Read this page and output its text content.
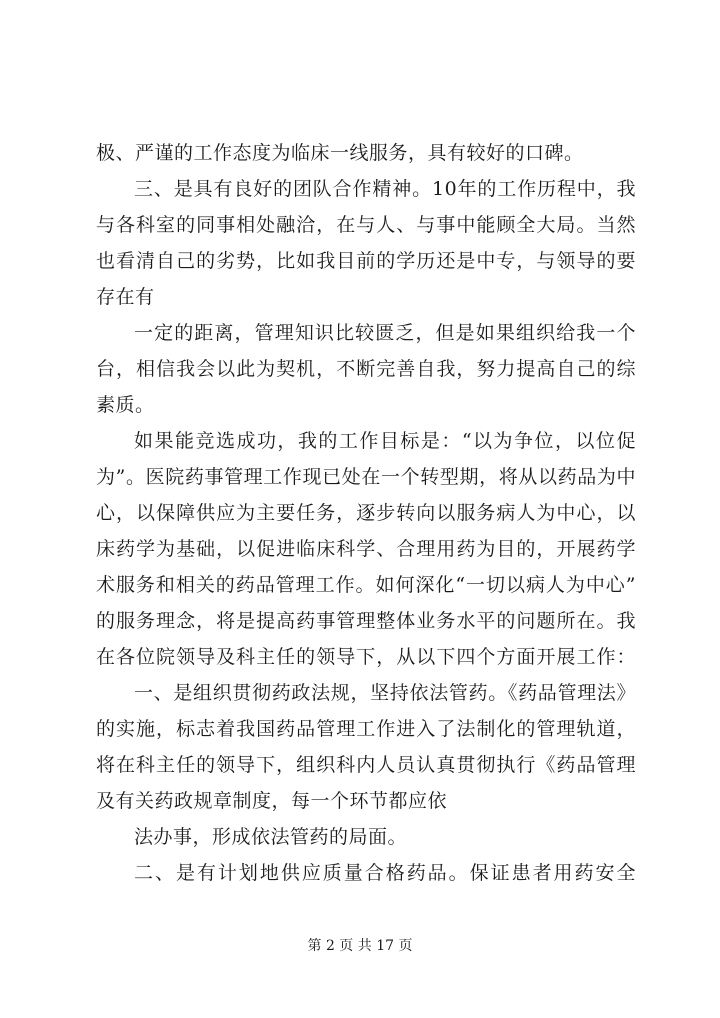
极、严谨的工作态度为临床一线服务，具有较好的口碑。
三、是具有良好的团队合作精神。10年的工作历程中，我
与各科室的同事相处融洽，在与人、与事中能顾全大局。当然
也看清自己的劣势，比如我目前的学历还是中专，与领导的要
存在有
一定的距离，管理知识比较匮乏，但是如果组织给我一个
台，相信我会以此为契机，不断完善自我，努力提高自己的综
素质。
如果能竞选成功，我的工作目标是：“以为争位，以位促
为”。医院药事管理工作现已处在一个转型期，将从以药品为中
心，以保障供应为主要任务，逐步转向以服务病人为中心，以
床药学为基础，以促进临床科学、合理用药为目的，开展药学
术服务和相关的药品管理工作。如何深化“一切以病人为中心”
的服务理念，将是提高药事管理整体业务水平的问题所在。我
在各位院领导及科主任的领导下，从以下四个方面开展工作：
一、是组织贯彻药政法规，坚持依法管药。《药品管理法》
的实施，标志着我国药品管理工作进入了法制化的管理轨道，
将在科主任的领导下，组织科内人员认真贯彻执行《药品管理
及有关药政规章制度，每一个环节都应依
法办事，形成依法管药的局面。
二、是有计划地供应质量合格药品。保证患者用药安全
第 2 页 共 17 页
